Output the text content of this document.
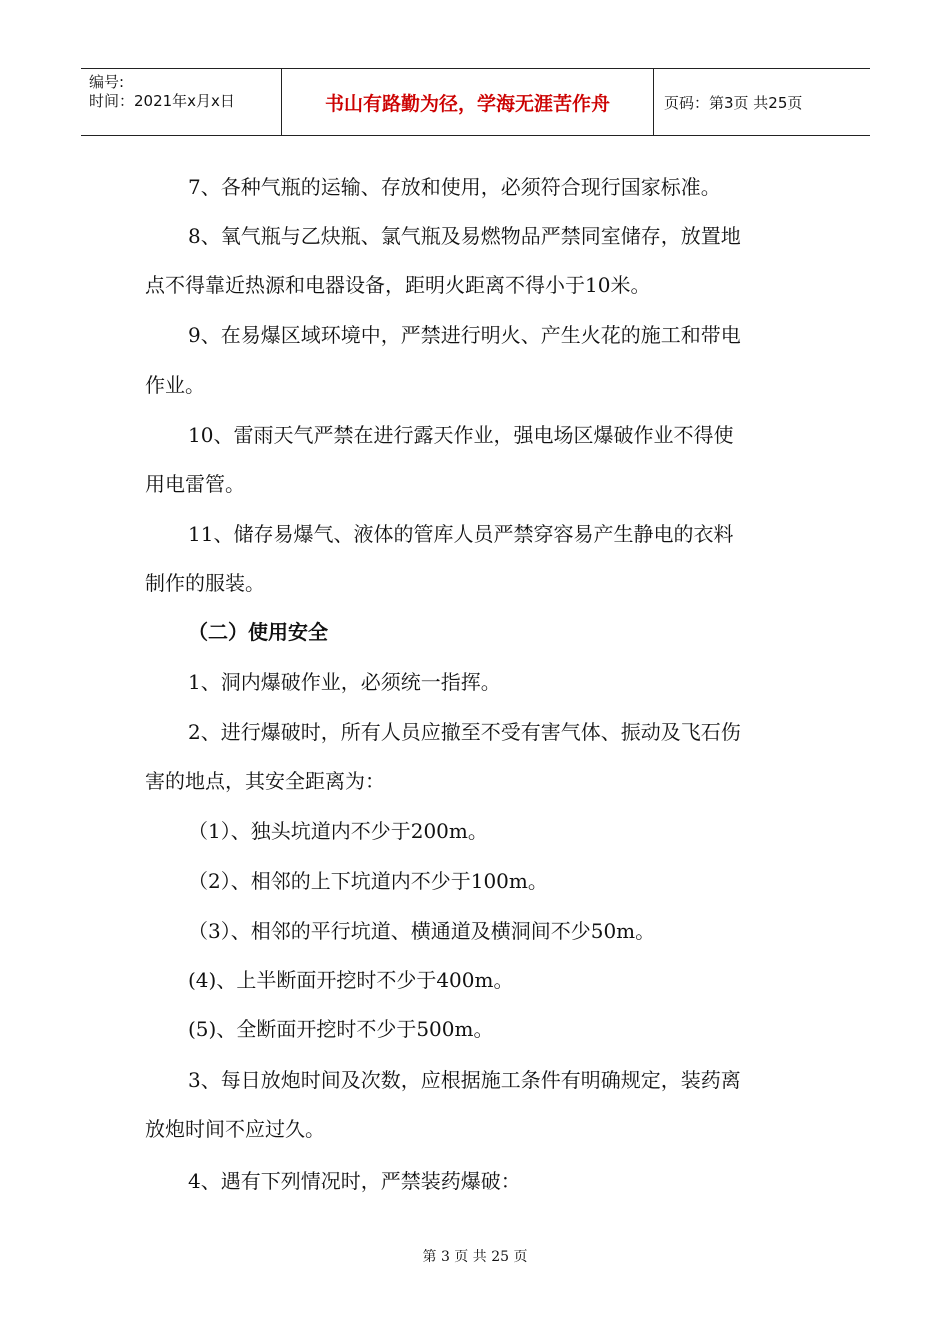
编号:
时间：2021年x月x日	书山有路勤为径，学海无涯苦作舟	页码：第3页 共25页
7、各种气瓶的运输、存放和使用，必须符合现行国家标准。
8、氧气瓶与乙炔瓶、氯气瓶及易燃物品严禁同室储存，放置地
点不得靠近热源和电器设备，距明火距离不得小于10米。
9、在易爆区域环境中，严禁进行明火、产生火花的施工和带电
作业。
10、雷雨天气严禁在进行露天作业，强电场区爆破作业不得使
用电雷管。
11、储存易爆气、液体的管库人员严禁穿容易产生静电的衣料
制作的服装。
（二）使用安全
1、洞内爆破作业，必须统一指挥。
2、进行爆破时，所有人员应撤至不受有害气体、振动及飞石伤
害的地点，其安全距离为：
（1）、独头坑道内不少于200m。
（2）、相邻的上下坑道内不少于100m。
（3）、相邻的平行坑道、横通道及横洞间不少50m。
(4)、上半断面开挖时不少于400m。
(5)、全断面开挖时不少于500m。
3、每日放炮时间及次数，应根据施工条件有明确规定，装药离
放炮时间不应过久。
4、遇有下列情况时，严禁装药爆破：
第 3 页 共 25 页
